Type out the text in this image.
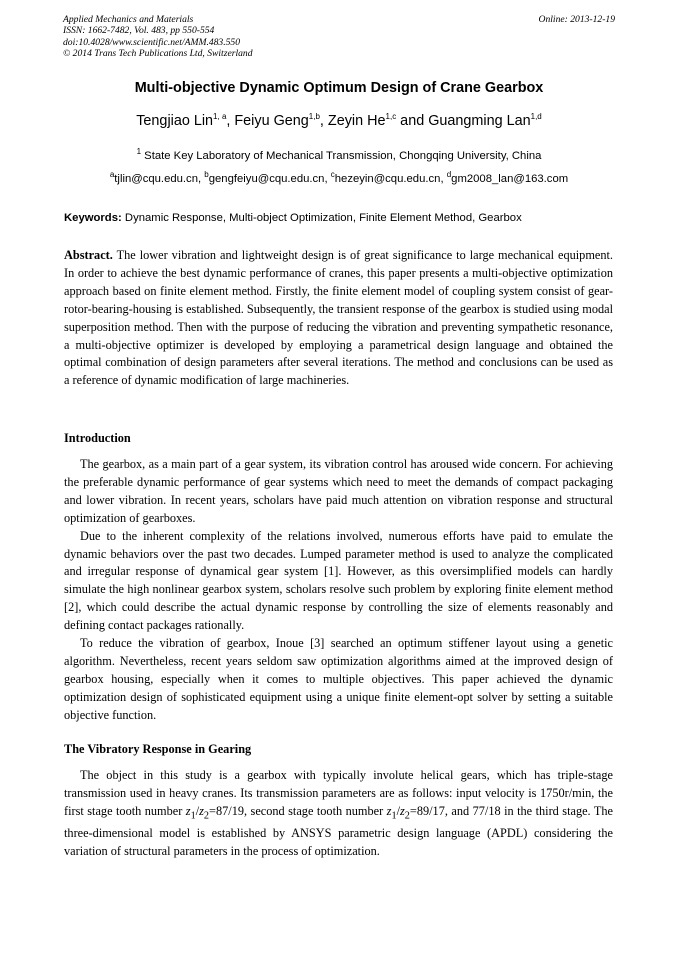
Applied Mechanics and Materials
ISSN: 1662-7482, Vol. 483, pp 550-554
doi:10.4028/www.scientific.net/AMM.483.550
© 2014 Trans Tech Publications Ltd, Switzerland
Online: 2013-12-19
Multi-objective Dynamic Optimum Design of Crane Gearbox
Tengjiao Lin$^{1, a}$, Feiyu Geng$^{1,b}$, Zeyin He$^{1,c}$ and Guangming Lan$^{1,d}$
$^1$ State Key Laboratory of Mechanical Transmission, Chongqing University, China
$^a$tjlin@cqu.edu.cn, $^b$gengfeiyu@cqu.edu.cn, $^c$hezeyin@cqu.edu.cn, $^d$gm2008_lan@163.com
Keywords: Dynamic Response, Multi-object Optimization, Finite Element Method, Gearbox
Abstract. The lower vibration and lightweight design is of great significance to large mechanical equipment. In order to achieve the best dynamic performance of cranes, this paper presents a multi-objective optimization approach based on finite element method. Firstly, the finite element model of coupling system consist of gear-rotor-bearing-housing is established. Subsequently, the transient response of the gearbox is studied using modal superposition method. Then with the purpose of reducing the vibration and preventing sympathetic resonance, a multi-objective optimizer is developed by employing a parametrical design language and obtained the optimal combination of design parameters after several iterations. The method and conclusions can be used as a reference of dynamic modification of large machineries.
Introduction

The gearbox, as a main part of a gear system, its vibration control has aroused wide concern. For achieving the preferable dynamic performance of gear systems which need to meet the demands of compact packaging and lower vibration. In recent years, scholars have paid much attention on vibration response and structural optimization of gearboxes.

Due to the inherent complexity of the relations involved, numerous efforts have paid to emulate the dynamic behaviors over the past two decades. Lumped parameter method is used to analyze the complicated and irregular response of dynamical gear system [1]. However, as this oversimplified models can hardly simulate the high nonlinear gearbox system, scholars resolve such problem by exploring finite element method [2], which could describe the actual dynamic response by controlling the size of elements reasonably and defining contact packages rationally.

To reduce the vibration of gearbox, Inoue [3] searched an optimum stiffener layout using a genetic algorithm. Nevertheless, recent years seldom saw optimization algorithms aimed at the improved design of gearbox housing, especially when it comes to multiple objectives. This paper achieved the dynamic optimization design of sophisticated equipment using a unique finite element-opt solver by setting a suitable objective function.

The Vibratory Response in Gearing

The object in this study is a gearbox with typically involute helical gears, which has triple-stage transmission used in heavy cranes. Its transmission parameters are as follows: input velocity is 1750r/min, the first stage tooth number $z_1/z_2=87/19$, second stage tooth number $z_1/z_2=89/17$, and 77/18 in the third stage. The three-dimensional model is established by ANSYS parametric design language (APDL) considering the variation of structural parameters in the process of optimization.
